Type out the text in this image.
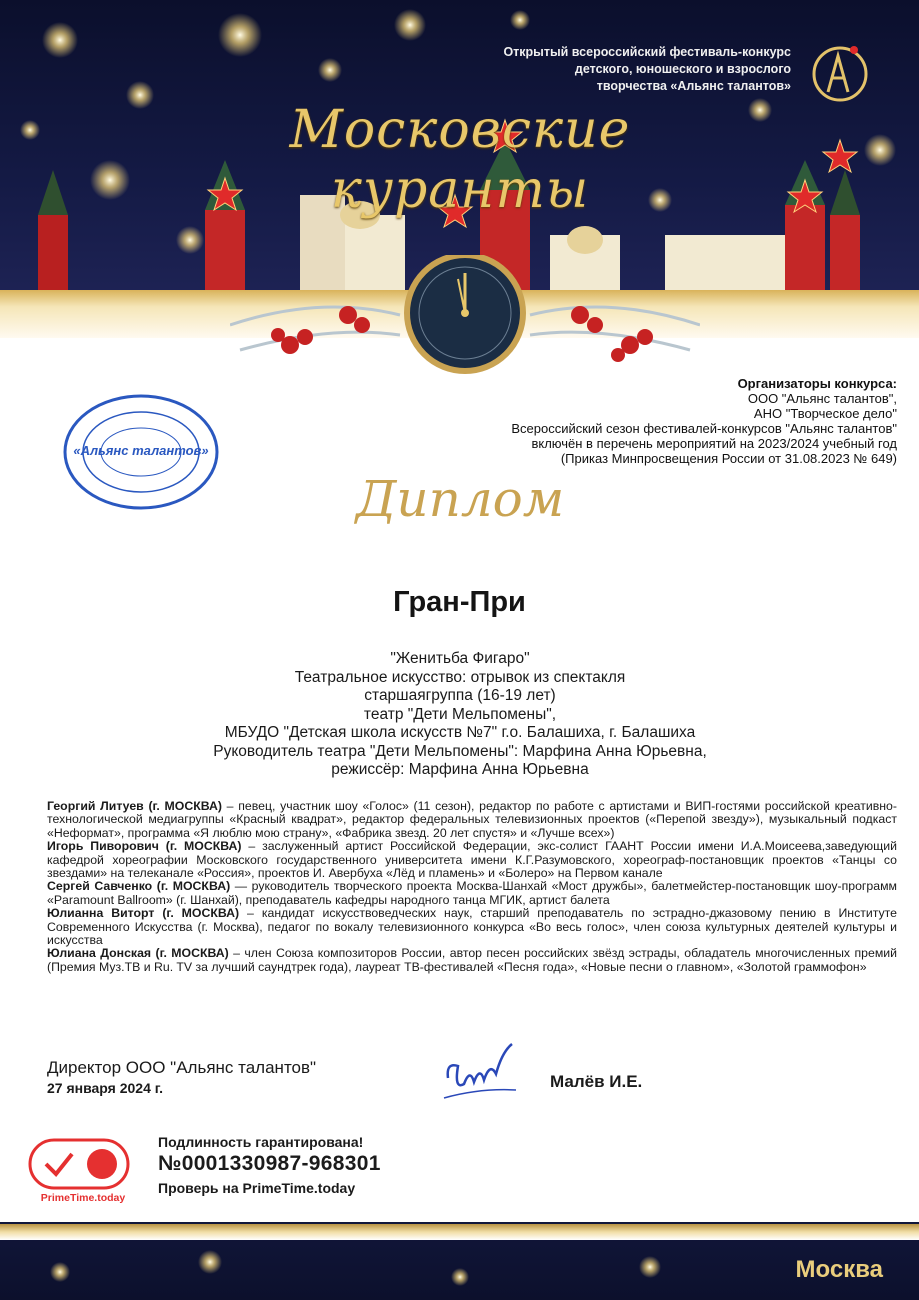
Открытый всероссийский фестиваль-конкурс
детского, юношеского и взрослого
творчества «Альянс талантов»
Московские куранты
«Альянс талантов»
Организаторы конкурса:
ООО "Альянс талантов",
АНО "Творческое дело"
Всероссийский сезон фестивалей-конкурсов "Альянс талантов"
включён в перечень мероприятий на 2023/2024 учебный год
(Приказ Минпросвещения России от 31.08.2023 № 649)
Диплом
Гран-При
"Женитьба Фигаро"
Театральное искусство: отрывок из спектакля
старшаягруппа (16-19 лет)
театр "Дети Мельпомены",
МБУДО "Детская школа искусств №7" г.о. Балашиха, г. Балашиха
Руководитель театра "Дети Мельпомены": Марфина Анна Юрьевна,
режиссёр: Марфина Анна Юрьевна

Георгий Литуев (г. МОСКВА) – певец, участник шоу «Голос» (11 сезон), редактор по работе с артистами и ВИП-гостями российской креативно-технологической медиагруппы «Красный квадрат», редактор федеральных телевизионных проектов («Перепой звезду»), музыкальный подкаст «Неформат», программа «Я люблю мою страну», «Фабрика звезд. 20 лет спустя» и «Лучше всех»)

Игорь Пиворович (г. МОСКВА) – заслуженный артист Российской Федерации, экс-солист ГААНТ России имени И.А.Моисеева,заведующий кафедрой хореографии Московского государственного университета имени К.Г.Разумовского, хореограф-постановщик проектов «Танцы со звездами» на телеканале «Россия», проектов И. Авербуха «Лёд и пламень» и «Болеро» на Первом канале

Сергей Савченко (г. МОСКВА) — руководитель творческого проекта Москва-Шанхай «Мост дружбы», балетмейстер-постановщик шоу-программ «Paramount Ballroom» (г. Шанхай), преподаватель кафедры народного танца МГИК, артист балета

Юлианна Виторт (г. МОСКВА) – кандидат искусствоведческих наук, старший преподаватель по эстрадно-джазовому пению в Институте Современного Искусства (г. Москва), педагог по вокалу телевизионного конкурса «Во весь голос», член союза культурных деятелей культуры и искусства

Юлиана Донская (г. МОСКВА) – член Союза композиторов России, автор песен российских звёзд эстрады, обладатель многочисленных премий (Премия Муз.ТВ и Ru. TV за лучший саундтрек года), лауреат ТВ-фестивалей «Песня года», «Новые песни о главном», «Золотой граммофон»

Директор ООО "Альянс талантов"
27 января 2024 г.	Малёв И.Е.
PrimeTime.today
Подлинность гарантирована!
№0001330987-968301
Проверь на PrimeTime.today
Москва
